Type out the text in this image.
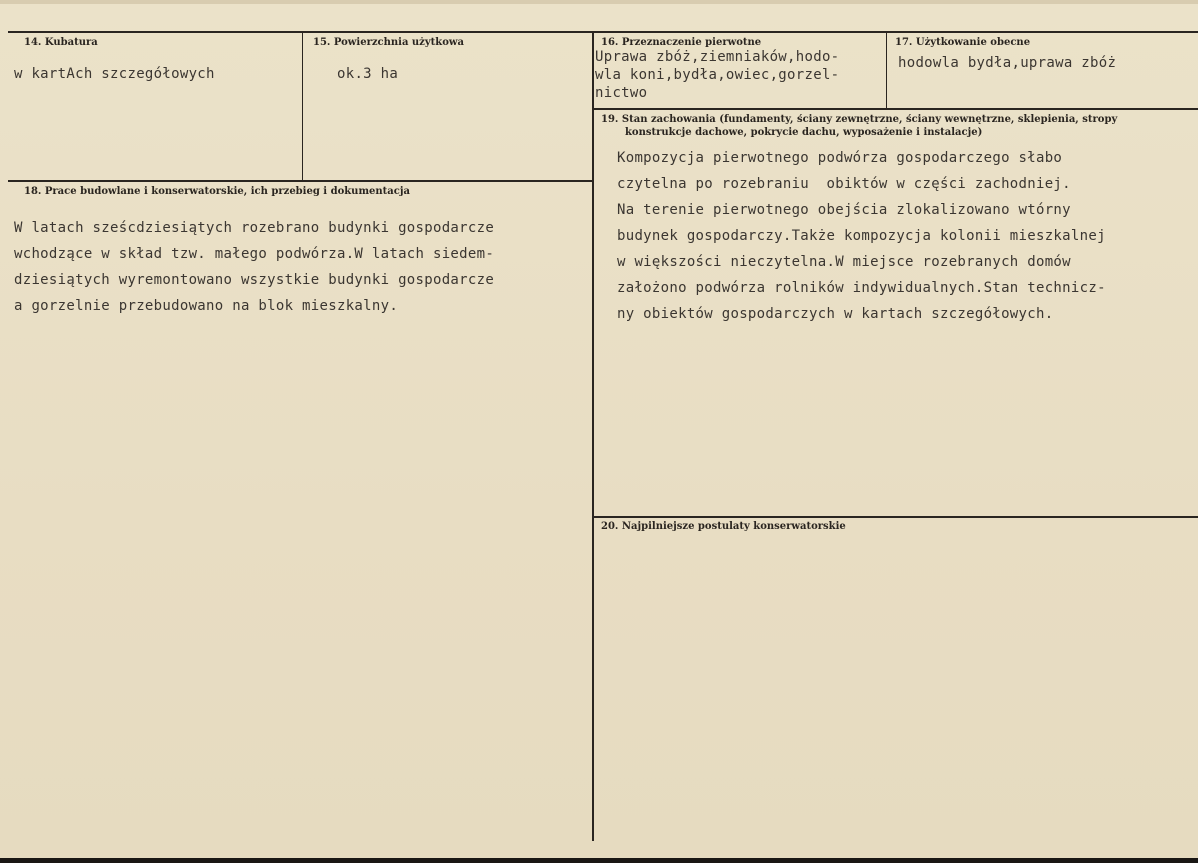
14. Kubatura
w kartAch szczegółowych
15. Powierzchnia użytkowa
ok.3 ha
16. Przeznaczenie pierwotne
Uprawa zbóż,ziemniaków,hodo-
wla koni,bydła,owiec,gorzel-
nictwo
17. Użytkowanie obecne
hodowla bydła,uprawa zbóż
18. Prace budowlane i konserwatorskie, ich przebieg i dokumentacja
W latach sześcdziesiątych rozebrano budynki gospodarcze
wchodzące w skład tzw. małego podwórza.W latach siedem-
dziesiątych wyremontowano wszystkie budynki gospodarcze
a gorzelnie przebudowano na blok mieszkalny.
19. Stan zachowania (fundamenty, ściany zewnętrzne, ściany wewnętrzne, sklepienia, stropy
konstrukcje dachowe, pokrycie dachu, wyposażenie i instalacje)
Kompozycja pierwotnego podwórza gospodarczego słabo
czytelna po rozebraniu  obiktów w części zachodniej.
Na terenie pierwotnego obejścia zlokalizowano wtórny
budynek gospodarczy.Także kompozycja kolonii mieszkalnej
w większości nieczytelna.W miejsce rozebranych domów
założono podwórza rolników indywidualnych.Stan technicz-
ny obiektów gospodarczych w kartach szczegółowych.
20. Najpilniejsze postulaty konserwatorskie
